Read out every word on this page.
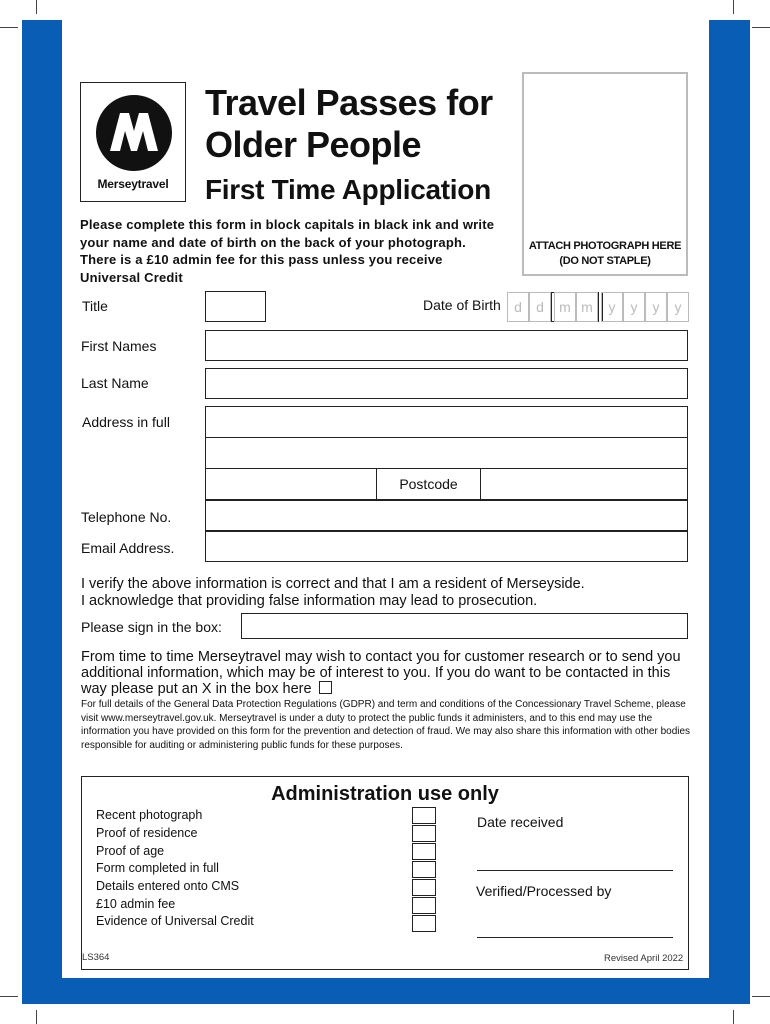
Merseytravel
Travel Passes for
Older People
First Time Application
Please complete this form in block capitals in black ink and write your name and date of birth on the back of your photograph. There is a £10 admin fee for this pass unless you receive Universal Credit
ATTACH PHOTOGRAPH HERE
(DO NOT STAPLE)
Title	Date of Birth d	d	m m	y	y	y	y
First Names
Last Name
Address in full
Postcode
Telephone No.
Email Address.
I verify the above information is correct and that I am a resident of Merseyside.
I acknowledge that providing false information may lead to prosecution.
Please sign in the box:
From time to time Merseytravel may wish to contact you for customer research or to send you additional information, which may be of interest to you. If you do want to be contacted in this way please put an X in the box here
For full details of the General Data Protection Regulations (GDPR) and term and conditions of the Concessionary Travel Scheme, please visit www.merseytravel.gov.uk. Merseytravel is under a duty to protect the public funds it administers, and to this end may use the information you have provided on this form for the prevention and detection of fraud. We may also share this information with other bodies responsible for auditing or administering public funds for these purposes.
Administration use only
Recent photograph
Proof of residence
Proof of age
Form completed in full
Details entered onto CMS
£10 admin fee
Evidence of Universal Credit
Date received
Verified/Processed by
LS364	Revised April 2022
